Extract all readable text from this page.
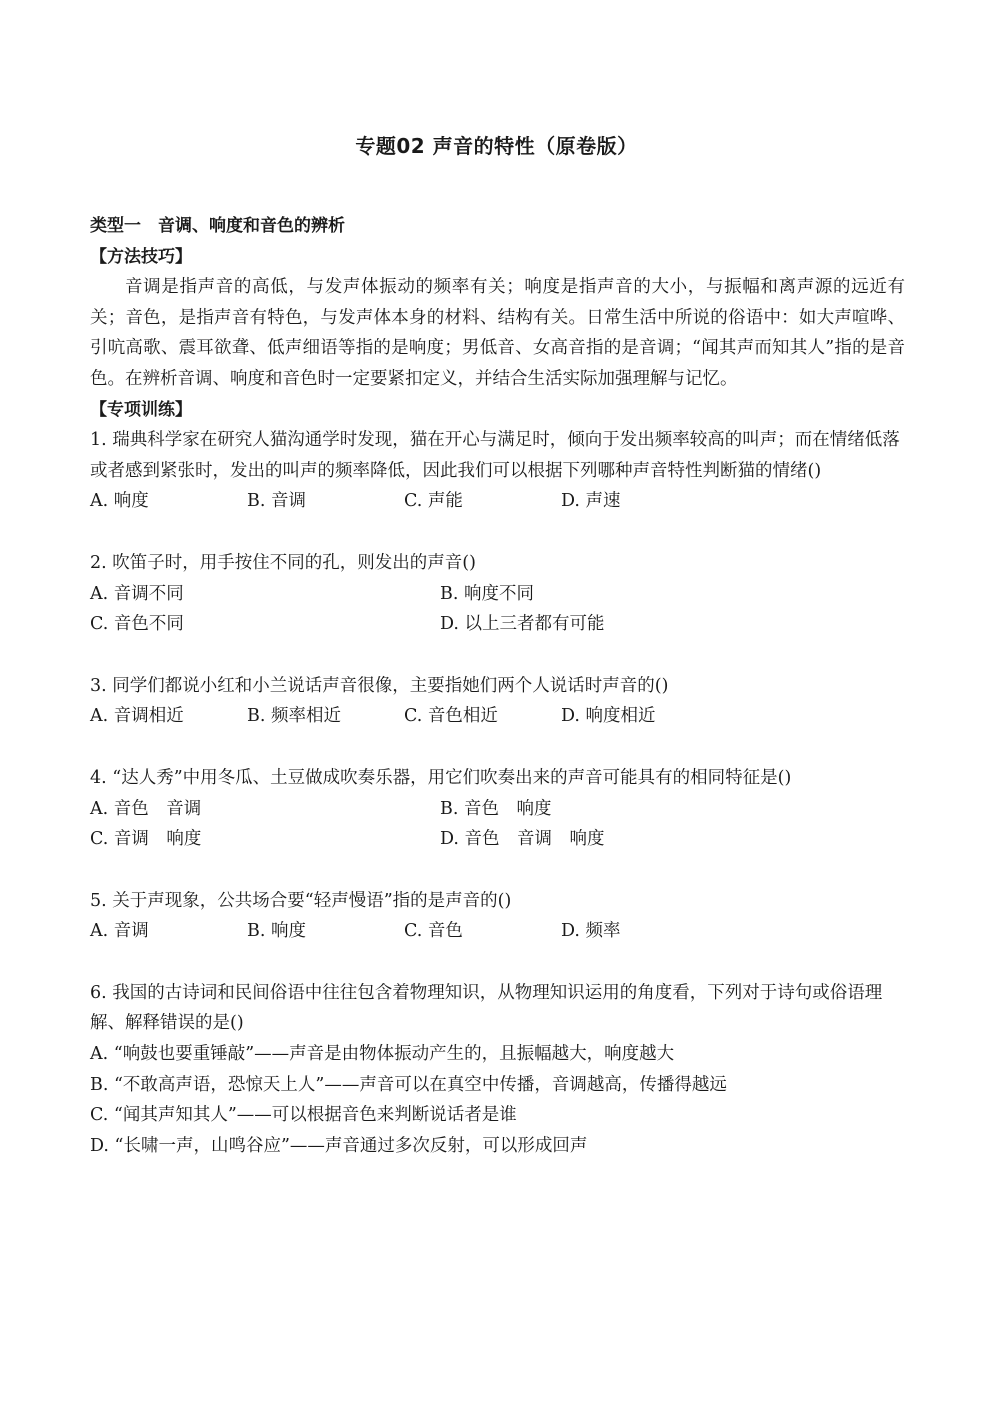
专题02 声音的特性（原卷版）
类型一　音调、响度和音色的辨析
【方法技巧】
音调是指声音的高低，与发声体振动的频率有关；响度是指声音的大小，与振幅和离声源的远近有关；音色，是指声音有特色，与发声体本身的材料、结构有关。日常生活中所说的俗语中：如大声喧哗、引吭高歌、震耳欲聋、低声细语等指的是响度；男低音、女高音指的是音调；“闻其声而知其人”指的是音色。在辨析音调、响度和音色时一定要紧扣定义，并结合生活实际加强理解与记忆。
【专项训练】
1. 瑞典科学家在研究人猫沟通学时发现，猫在开心与满足时，倾向于发出频率较高的叫声；而在情绪低落或者感到紧张时，发出的叫声的频率降低，因此我们可以根据下列哪种声音特性判断猫的情绪()
A. 响度	B. 音调	C. 声能	D. 声速
2. 吹笛子时，用手按住不同的孔，则发出的声音()
A. 音调不同	B. 响度不同
C. 音色不同	D. 以上三者都有可能
3. 同学们都说小红和小兰说话声音很像，主要指她们两个人说话时声音的()
A. 音调相近	B. 频率相近	C. 音色相近	D. 响度相近
4. “达人秀”中用冬瓜、土豆做成吹奏乐器，用它们吹奏出来的声音可能具有的相同特征是()
A. 音色　音调	B. 音色　响度
C. 音调　响度	D. 音色　音调　响度
5. 关于声现象，公共场合要“轻声慢语”指的是声音的()
A. 音调	B. 响度	C. 音色	D. 频率
6. 我国的古诗词和民间俗语中往往包含着物理知识，从物理知识运用的角度看，下列对于诗句或俗语理解、解释错误的是()
A. “响鼓也要重锤敲”——声音是由物体振动产生的，且振幅越大，响度越大
B. “不敢高声语，恐惊天上人”——声音可以在真空中传播，音调越高，传播得越远
C. “闻其声知其人”——可以根据音色来判断说话者是谁
D. “长啸一声，山鸣谷应”——声音通过多次反射，可以形成回声
